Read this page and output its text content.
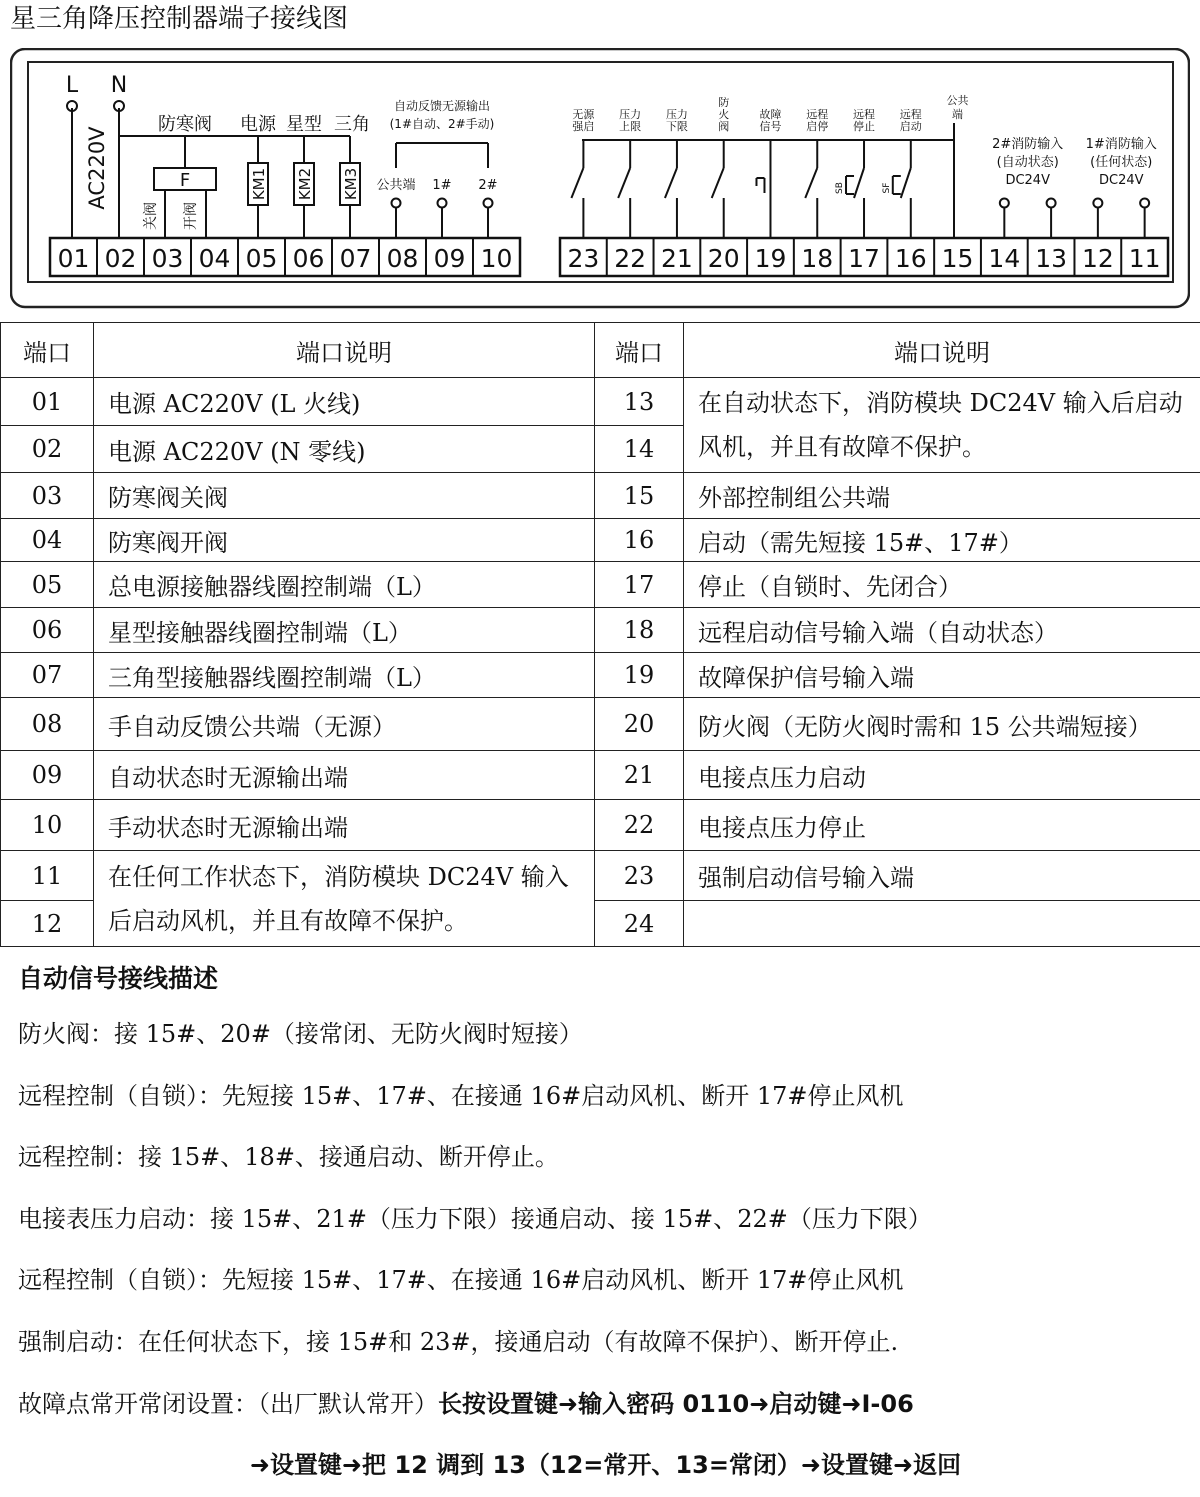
星三角降压控制器端子接线图
01 02 03 04 05 06 07 08 09 10
L N
AC220V
防寒阀 电源 星型 三角
F
关阀 开阀
KM1 KM2 KM3
自动反馈无源输出
(1#自动、2#手动)
公共端 1# 2#
23 22 21 20 19 18 17 16 15 14 13 12 11
无源
强启
压力
上限
压力
下限
防
火
阀
故障
信号
远程
启停
远程
停止
远程
启动
公共
端
SB	SF
2#消防输入
(自动状态)
DC24V
1#消防输入
(任何状态)
DC24V
端口	端口说明	端口	端口说明
01	电源 AC220V (L 火线)	13	在自动状态下，消防模块 DC24V 输入后启动风机，并且有故障不保护。
02	电源 AC220V (N 零线)	14	
03	防寒阀关阀	15	外部控制组公共端
04	防寒阀开阀	16	启动（需先短接 15#、17#）
05	总电源接触器线圈控制端（L）	17	停止（自锁时、先闭合）
06	星型接触器线圈控制端（L）	18	远程启动信号输入端（自动状态）
07	三角型接触器线圈控制端（L）	19	故障保护信号输入端
08	手自动反馈公共端（无源）	20	防火阀（无防火阀时需和 15 公共端短接）
09	自动状态时无源输出端	21	电接点压力启动
10	手动状态时无源输出端	22	电接点压力停止
11	在任何工作状态下，消防模块 DC24V 输入后启动风机，并且有故障不保护。	23	强制启动信号输入端
12		24	
自动信号接线描述
防火阀：接 15#、20#（接常闭、无防火阀时短接）
远程控制（自锁）：先短接 15#、17#、在接通 16#启动风机、断开 17#停止风机
远程控制：接 15#、18#、接通启动、断开停止。
电接表压力启动：接 15#、21#（压力下限）接通启动、接 15#、22#（压力下限）
远程控制（自锁）：先短接 15#、17#、在接通 16#启动风机、断开 17#停止风机
强制启动：在任何状态下，接 15#和 23#，接通启动（有故障不保护）、断开停止.
故障点常开常闭设置：（出厂默认常开）长按设置键➜输入密码 0110➜启动键➜I-06
➜设置键➜把 12 调到 13（12=常开、13=常闭）➜设置键➜返回
